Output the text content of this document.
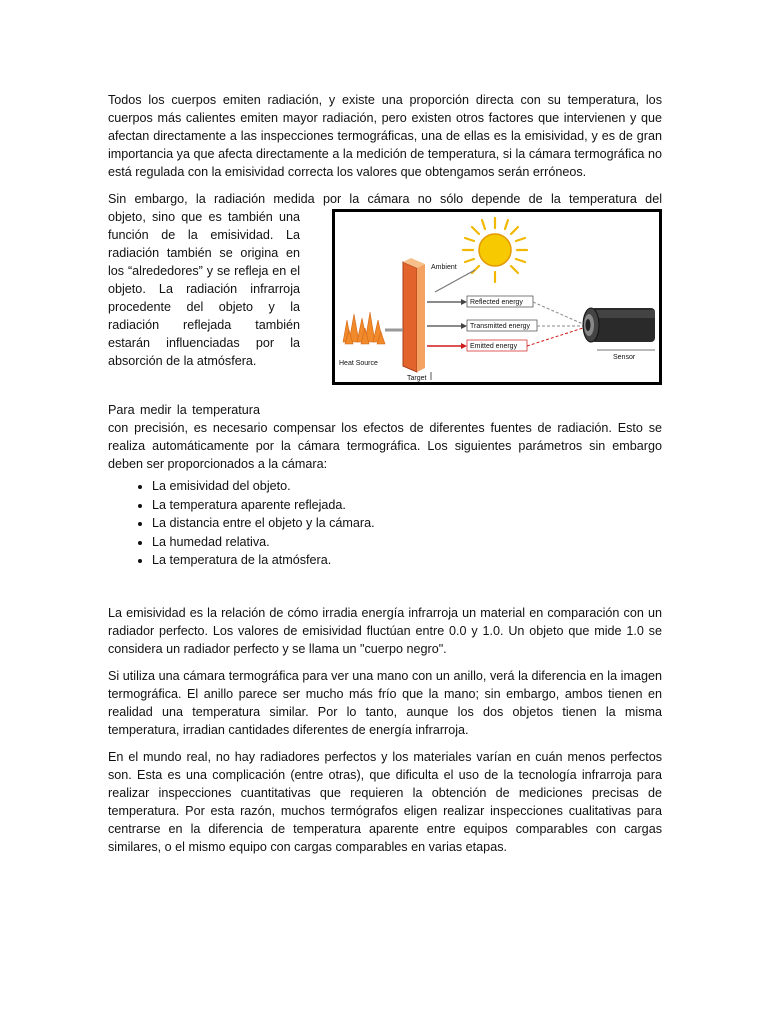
Todos los cuerpos emiten radiación, y existe una proporción directa con su temperatura, los cuerpos más calientes emiten mayor radiación, pero existen otros factores que intervienen y que afectan directamente a las inspecciones termográficas, una de ellas es la emisividad, y es de gran importancia ya que afecta directamente a la medición de temperatura, si la cámara termográfica no está regulada con la emisividad correcta los valores que obtengamos serán erróneos.

Sin embargo, la radiación medida por la cámara no sólo depende de la temperatura del

objeto, sino que es también una función de la emisividad. La radiación también se origina en los “alrededores” y se refleja en el objeto. La radiación infrarroja procedente del objeto y la radiación reflejada también estarán influenciadas por la absorción de la atmósfera.

Ambient
Target
Heat Source
Reflected energy
Transmitted energy
Emitted energy
Sensor

Para medir la temperatura

con precisión, es necesario compensar los efectos de diferentes fuentes de radiación. Esto se realiza automáticamente por la cámara termográfica. Los siguientes parámetros sin embargo deben ser proporcionados a la cámara:

• La emisividad del objeto.
• La temperatura aparente reflejada.
• La distancia entre el objeto y la cámara.
• La humedad relativa.
• La temperatura de la atmósfera.

La emisividad es la relación de cómo irradia energía infrarroja un material en comparación con un radiador perfecto. Los valores de emisividad fluctúan entre 0.0 y 1.0. Un objeto que mide 1.0 se considera un radiador perfecto y se llama un "cuerpo negro".

Si utiliza una cámara termográfica para ver una mano con un anillo, verá la diferencia en la imagen termográfica. El anillo parece ser mucho más frío que la mano; sin embargo, ambos tienen en realidad una temperatura similar. Por lo tanto, aunque los dos objetos tienen la misma temperatura, irradian cantidades diferentes de energía infrarroja.

En el mundo real, no hay radiadores perfectos y los materiales varían en cuán menos perfectos son. Esta es una complicación (entre otras), que dificulta el uso de la tecnología infrarroja para realizar inspecciones cuantitativas que requieren la obtención de mediciones precisas de temperatura. Por esta razón, muchos termógrafos eligen realizar inspecciones cualitativas para centrarse en la diferencia de temperatura aparente entre equipos comparables con cargas similares, o el mismo equipo con cargas comparables en varias etapas.
